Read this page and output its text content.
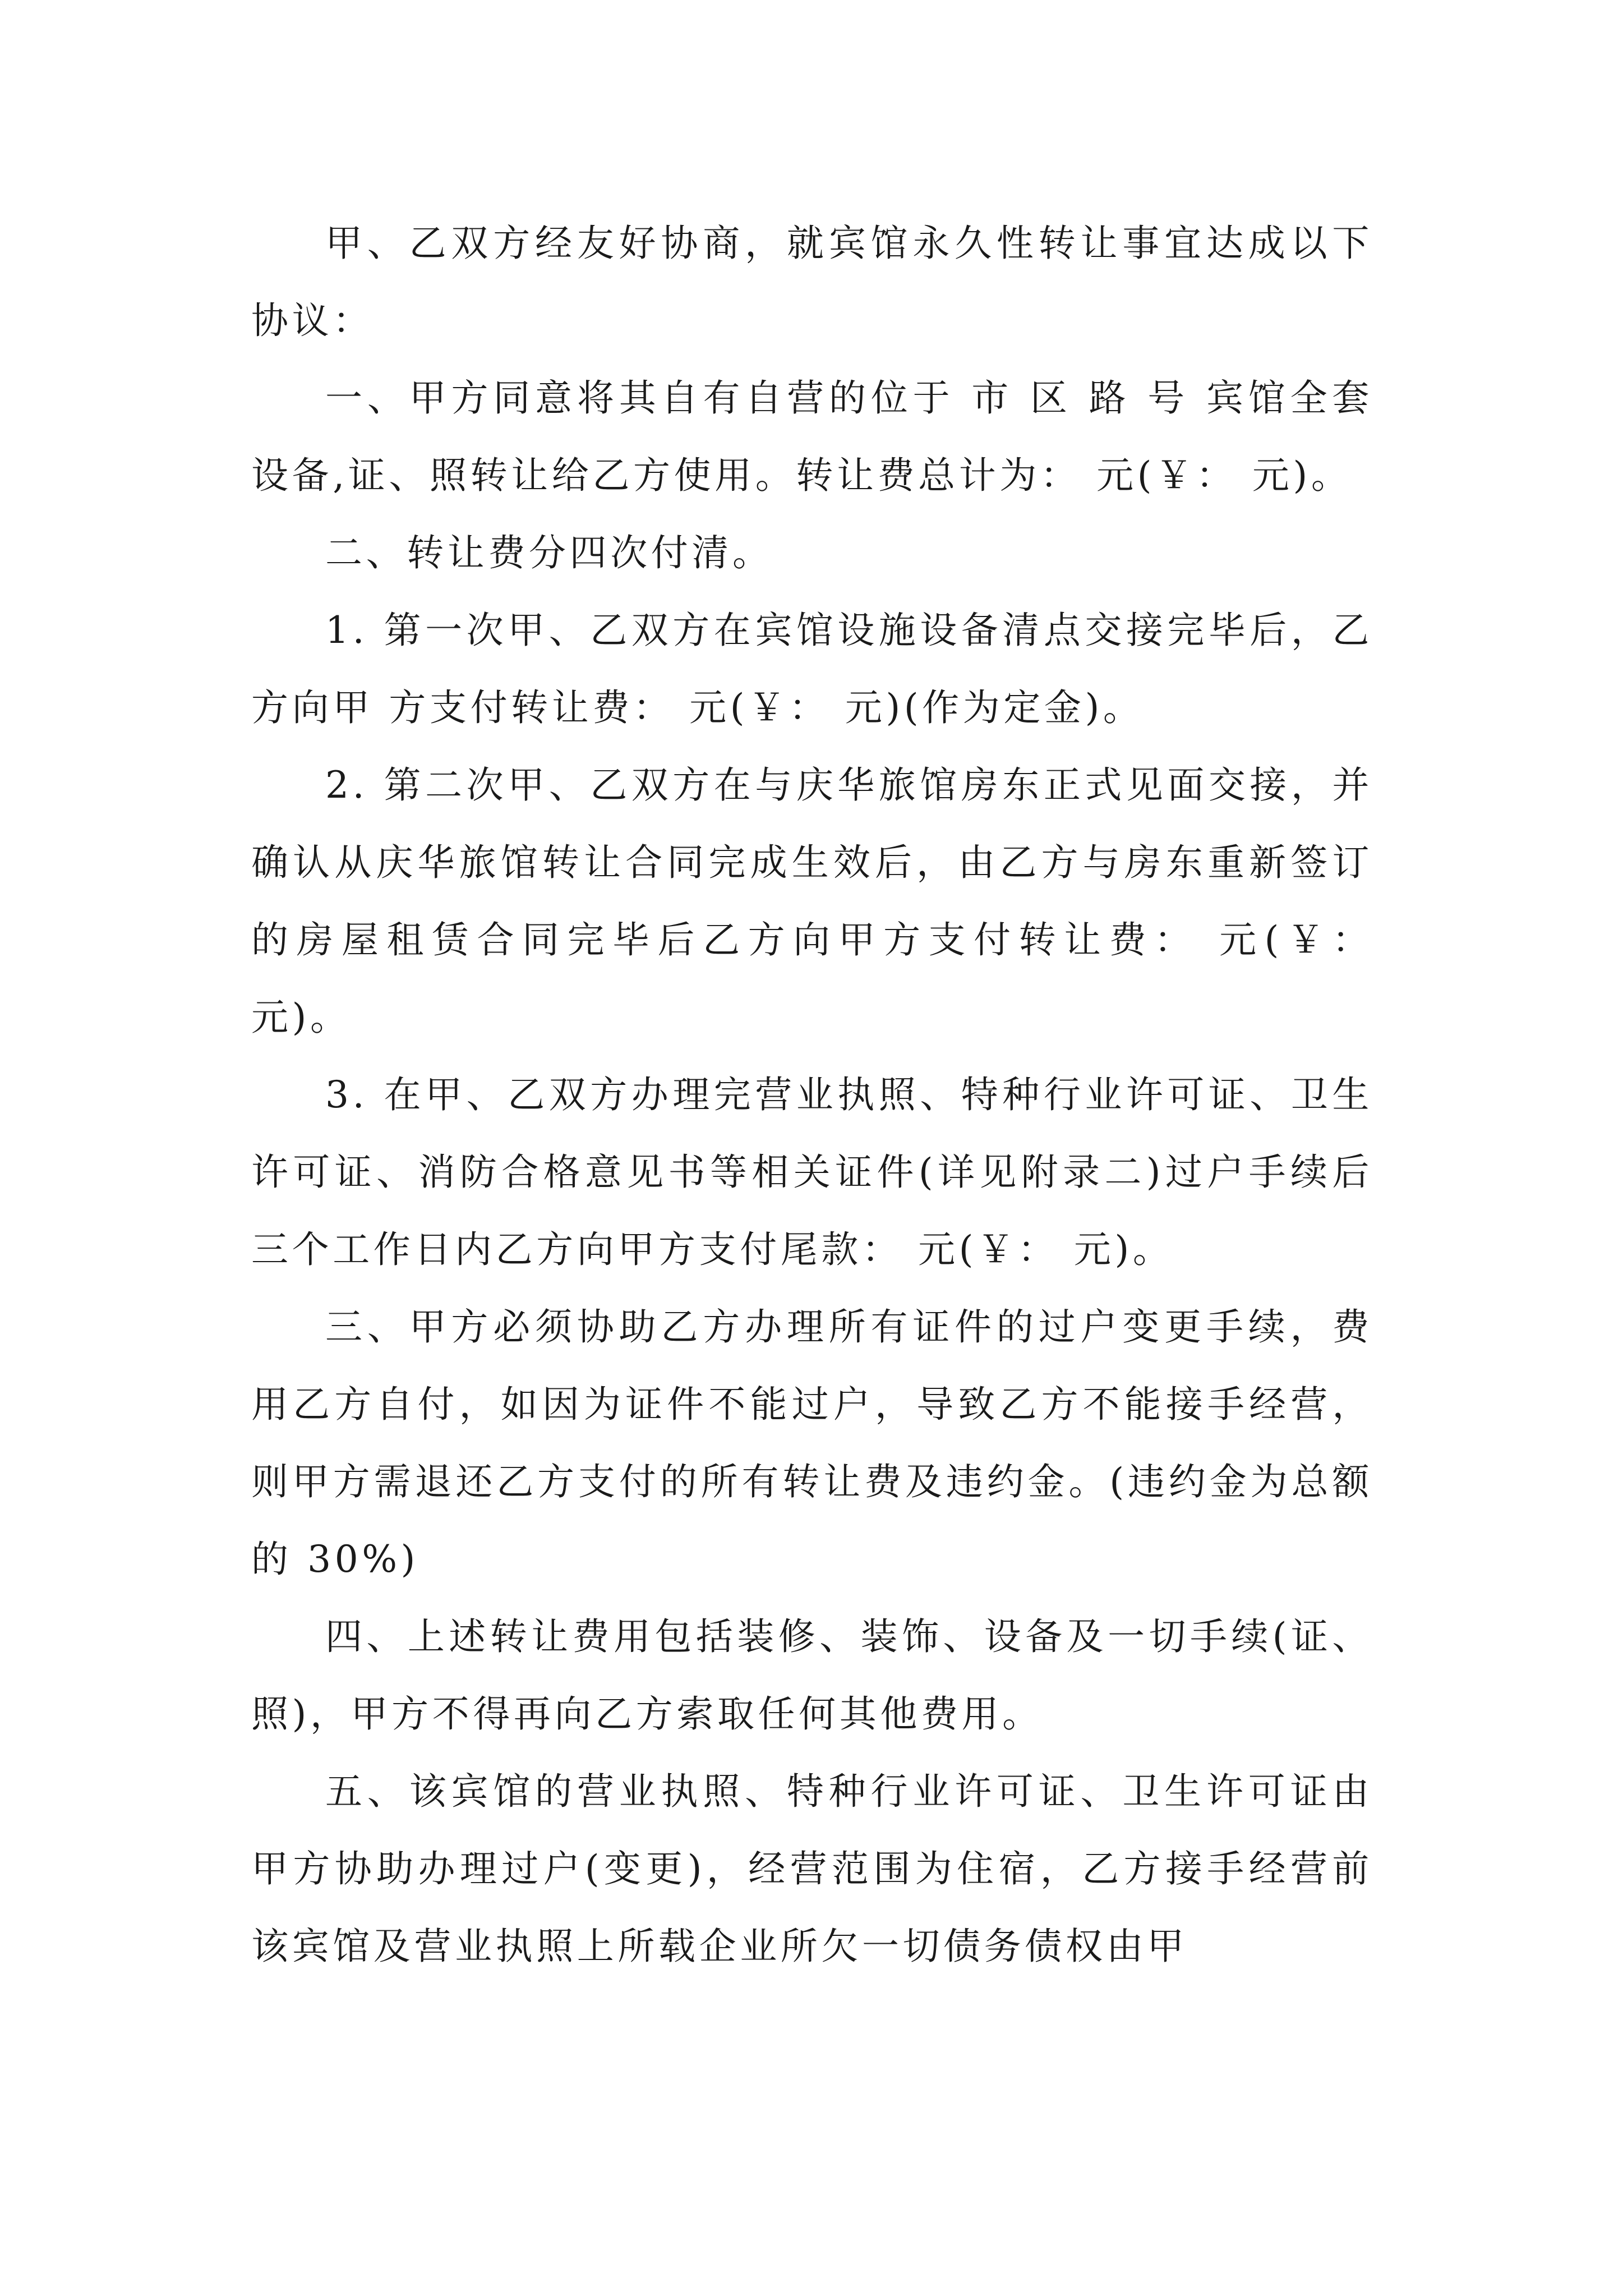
甲、乙双方经友好协商，就宾馆永久性转让事宜达成以下协议：

一、甲方同意将其自有自营的位于 市 区 路 号 宾馆全套设备,证、照转让给乙方使用。转让费总计为： 元(￥： 元)。

二、转让费分四次付清。

1. 第一次甲、乙双方在宾馆设施设备清点交接完毕后，乙方向甲 方支付转让费： 元(￥： 元)(作为定金)。

2. 第二次甲、乙双方在与庆华旅馆房东正式见面交接，并确认从庆华旅馆转让合同完成生效后，由乙方与房东重新签订的房屋租赁合同完毕后乙方向甲方支付转让费： 元(￥： 元)。

3. 在甲、乙双方办理完营业执照、特种行业许可证、卫生许可证、消防合格意见书等相关证件(详见附录二)过户手续后三个工作日内乙方向甲方支付尾款： 元(￥： 元)。

三、甲方必须协助乙方办理所有证件的过户变更手续，费用乙方自付，如因为证件不能过户，导致乙方不能接手经营，则甲方需退还乙方支付的所有转让费及违约金。(违约金为总额的 30%)

四、上述转让费用包括装修、装饰、设备及一切手续(证、照)，甲方不得再向乙方索取任何其他费用。

五、该宾馆的营业执照、特种行业许可证、卫生许可证由甲方协助办理过户(变更)，经营范围为住宿，乙方接手经营前该宾馆及营业执照上所载企业所欠一切债务债权由甲
